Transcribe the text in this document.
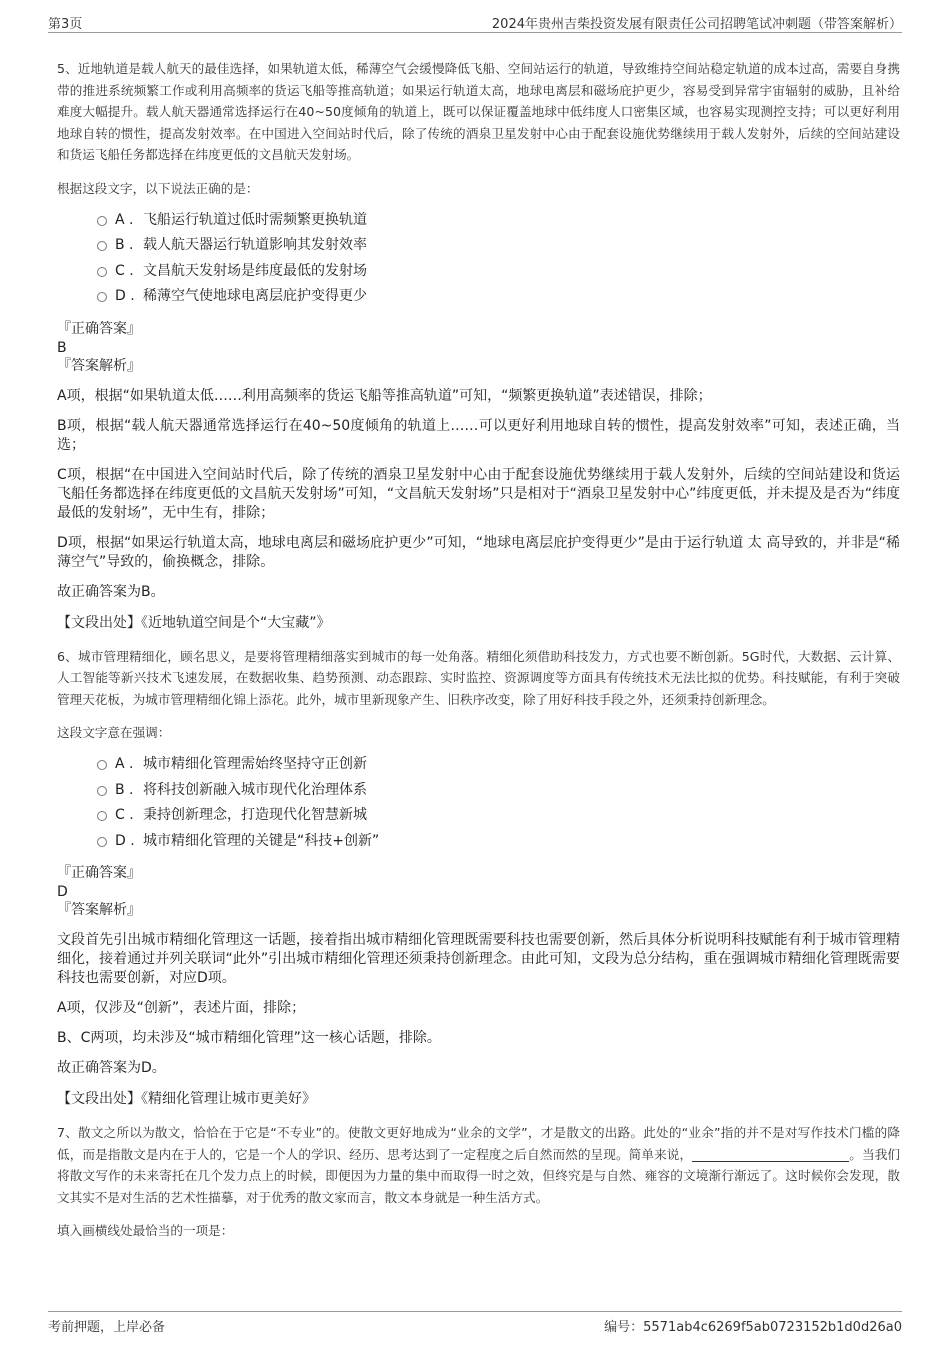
第3页	2024年贵州吉柴投资发展有限责任公司招聘笔试冲刺题（带答案解析）

5、近地轨道是载人航天的最佳选择，如果轨道太低，稀薄空气会缓慢降低飞船、空间站运行的轨道，导致维持空间站稳定轨道的成本过高，需要自身携带的推进系统频繁工作或利用高频率的货运飞船等推高轨道；如果运行轨道太高，地球电离层和磁场庇护更少，容易受到异常宇宙辐射的威胁，且补给难度大幅提升。载人航天器通常选择运行在40~50度倾角的轨道上，既可以保证覆盖地球中低纬度人口密集区域，也容易实现测控支持；可以更好利用地球自转的惯性，提高发射效率。在中国进入空间站时代后，除了传统的酒泉卫星发射中心由于配套设施优势继续用于载人发射外，后续的空间站建设和货运飞船任务都选择在纬度更低的文昌航天发射场。

根据这段文字，以下说法正确的是：

A . 飞船运行轨道过低时需频繁更换轨道
B . 载人航天器运行轨道影响其发射效率
C . 文昌航天发射场是纬度最低的发射场
D . 稀薄空气使地球电离层庇护变得更少

『正确答案』

B

『答案解析』

A项，根据“如果轨道太低……利用高频率的货运飞船等推高轨道”可知，“频繁更换轨道”表述错误，排除；

B项，根据“载人航天器通常选择运行在40~50度倾角的轨道上……可以更好利用地球自转的惯性，提高发射效率”可知，表述正确，当选；

C项，根据“在中国进入空间站时代后，除了传统的酒泉卫星发射中心由于配套设施优势继续用于载人发射外，后续的空间站建设和货运飞船任务都选择在纬度更低的文昌航天发射场”可知，“文昌航天发射场”只是相对于“酒泉卫星发射中心”纬度更低，并未提及是否为“纬度最低的发射场”，无中生有，排除；

D项，根据“如果运行轨道太高，地球电离层和磁场庇护更少”可知，“地球电离层庇护变得更少”是由于运行轨道 太 高导致的，并非是“稀薄空气”导致的，偷换概念，排除。

故正确答案为B。

【文段出处】《近地轨道空间是个“大宝藏”》

6、城市管理精细化，顾名思义，是要将管理精细落实到城市的每一处角落。精细化须借助科技发力，方式也要不断创新。5G时代，大数据、云计算、人工智能等新兴技术飞速发展，在数据收集、趋势预测、动态跟踪、实时监控、资源调度等方面具有传统技术无法比拟的优势。科技赋能，有利于突破管理天花板，为城市管理精细化锦上添花。此外，城市里新现象产生、旧秩序改变，除了用好科技手段之外，还须秉持创新理念。

这段文字意在强调：

A . 城市精细化管理需始终坚持守正创新
B . 将科技创新融入城市现代化治理体系
C . 秉持创新理念，打造现代化智慧新城
D . 城市精细化管理的关键是“科技+创新”

『正确答案』

D

『答案解析』

文段首先引出城市精细化管理这一话题，接着指出城市精细化管理既需要科技也需要创新，然后具体分析说明科技赋能有利于城市管理精细化，接着通过并列关联词“此外”引出城市精细化管理还须秉持创新理念。由此可知，文段为总分结构，重在强调城市精细化管理既需要科技也需要创新，对应D项。

A项，仅涉及“创新”，表述片面，排除；

B、C两项，均未涉及“城市精细化管理”这一核心话题，排除。

故正确答案为D。

【文段出处】《精细化管理让城市更美好》

7、散文之所以为散文，恰恰在于它是“不专业”的。使散文更好地成为“业余的文学”，才是散文的出路。此处的“业余”指的并不是对写作技术门槛的降低，而是指散文是内在于人的，它是一个人的学识、经历、思考达到了一定程度之后自然而然的呈现。简单来说，	。当我们将散文写作的未来寄托在几个发力点上的时候，即便因为力量的集中而取得一时之效，但终究是与自然、雍容的文境渐行渐远了。这时候你会发现，散文其实不是对生活的艺术性描摹，对于优秀的散文家而言，散文本身就是一种生活方式。

填入画横线处最恰当的一项是：

考前押题，上岸必备	编号：5571ab4c6269f5ab0723152b1d0d26a0
